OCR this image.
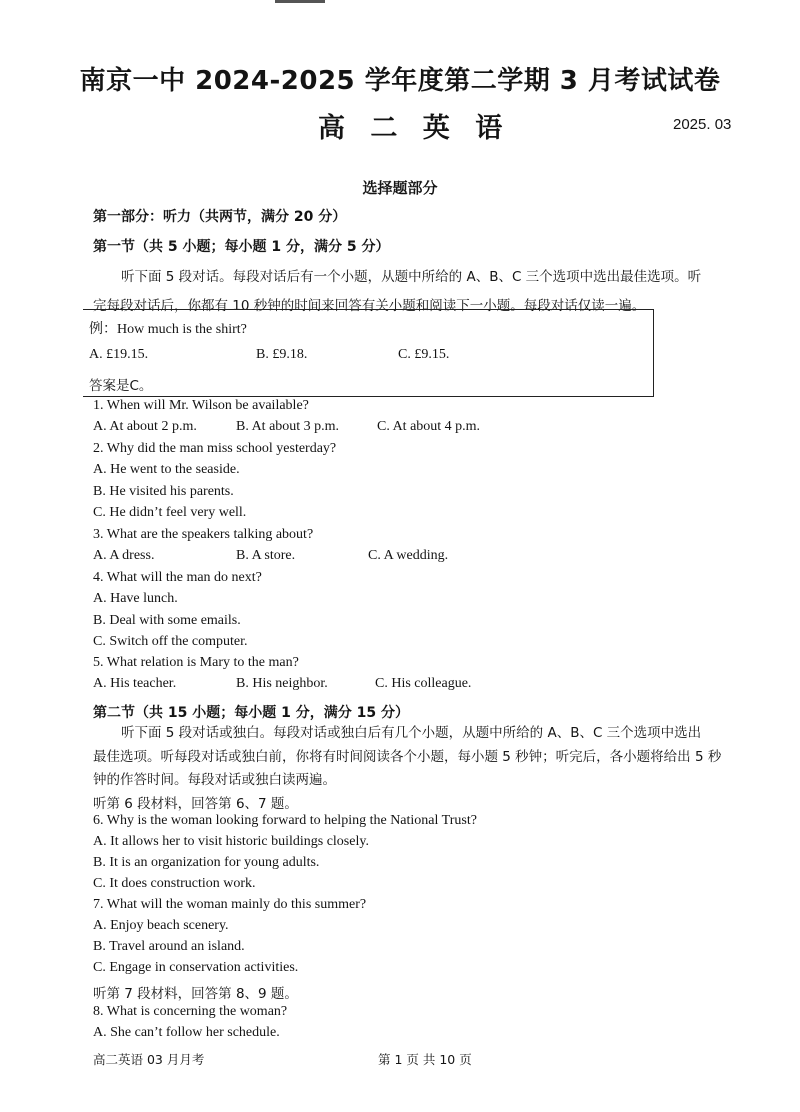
南京一中 2024-2025 学年度第二学期 3 月考试试卷
高 二 英 语	2025. 03
选择题部分
第一部分：听力（共两节，满分 20 分）
第一节（共 5 小题；每小题 1 分，满分 5 分）
听下面 5 段对话。每段对话后有一个小题，从题中所给的 A、B、C 三个选项中选出最佳选项。听
完每段对话后，你都有 10 秒钟的时间来回答有关小题和阅读下一小题。每段对话仅读一遍。
例：How much is the shirt?
A. £19.15.	B. £9.18.	C. £9.15.
答案是C。
1. When will Mr. Wilson be available?
A. At about 2 p.m.	B. At about 3 p.m.	C. At about 4 p.m.
2. Why did the man miss school yesterday?
A. He went to the seaside.
B. He visited his parents.
C. He didn’t feel very well.
3. What are the speakers talking about?
A. A dress.	B. A store.	C. A wedding.
4. What will the man do next?
A. Have lunch.
B. Deal with some emails.
C. Switch off the computer.
5. What relation is Mary to the man?
A. His teacher.	B. His neighbor.	C. His colleague.
第二节（共 15 小题；每小题 1 分，满分 15 分）
听下面 5 段对话或独白。每段对话或独白后有几个小题，从题中所给的 A、B、C 三个选项中选出
最佳选项。听每段对话或独白前，你将有时间阅读各个小题，每小题 5 秒钟；听完后，各小题将给出 5 秒
钟的作答时间。每段对话或独白读两遍。
听第 6 段材料，回答第 6、7 题。
6. Why is the woman looking forward to helping the National Trust?
A. It allows her to visit historic buildings closely.
B. It is an organization for young adults.
C. It does construction work.
7. What will the woman mainly do this summer?
A. Enjoy beach scenery.
B. Travel around an island.
C. Engage in conservation activities.
听第 7 段材料，回答第 8、9 题。
8. What is concerning the woman?
A. She can’t follow her schedule.
高二英语 03 月月考	第 1 页 共 10 页
